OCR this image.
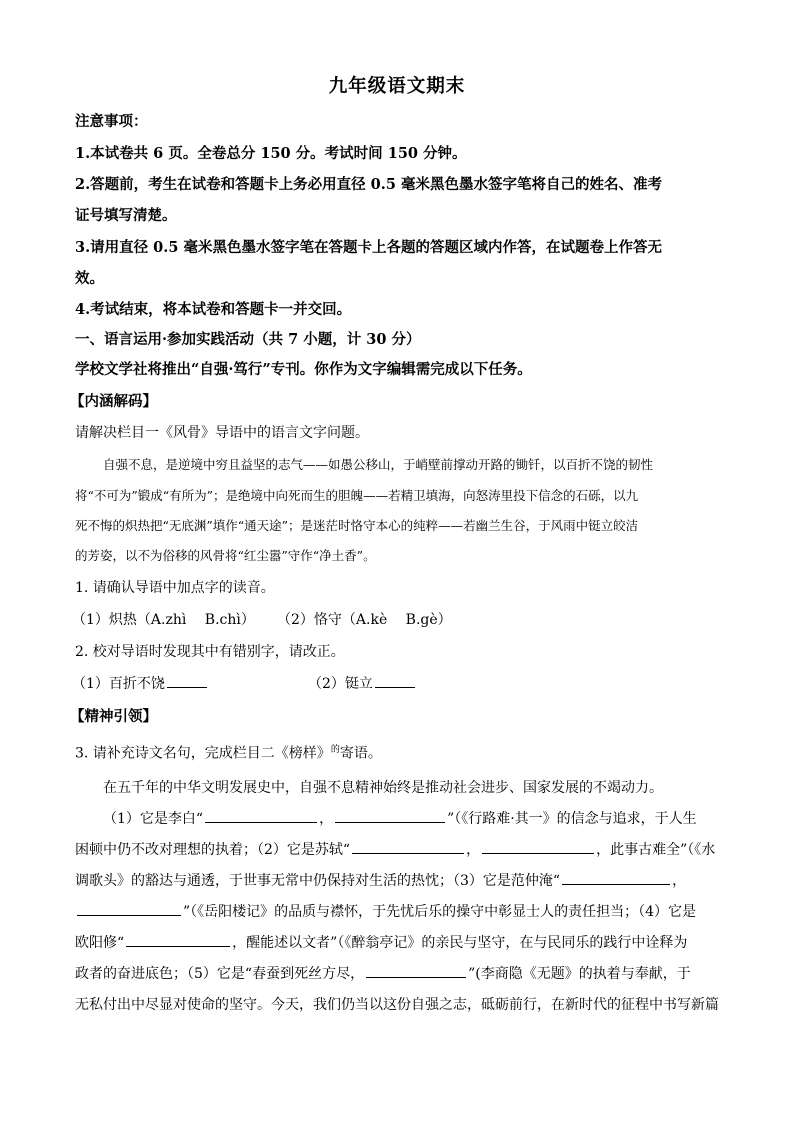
九年级语文期末
注意事项：
1.本试卷共 6 页。全卷总分 150 分。考试时间 150 分钟。
2.答题前，考生在试卷和答题卡上务必用直径 0.5 毫米黑色墨水签字笔将自己的姓名、准考
证号填写清楚。
3.请用直径 0.5 毫米黑色墨水签字笔在答题卡上各题的答题区域内作答，在试题卷上作答无
效。
4.考试结束，将本试卷和答题卡一并交回。
一、语言运用·参加实践活动（共 7 小题，计 30 分）
学校文学社将推出“自强·笃行”专刊。你作为文字编辑需完成以下任务。
【内涵解码】
请解决栏目一《风骨》导语中的语言文字问题。
自强不息，是逆境中穷且益坚的志气——如愚公移山，于峭壁前撑动开路的锄钎，以百折不饶的韧性
将“不可为”锻成“有所为”；是绝境中向死而生的胆魄——若精卫填海，向怒涛里投下信念的石砾，以九
死不悔的炽热把“无底渊”填作“通天途”；是迷茫时恪守本心的纯粹——若幽兰生谷，于风雨中铤立皎洁
的芳姿，以不为俗移的风骨将“红尘嚣”守作“净土香”。
1. 请确认导语中加点字的读音。
（1）炽热（A.zhì　 B.chì） （2）恪守（A.kè　 B.gè）
2. 校对导语时发现其中有错别字，请改正。
（1）百折不饶	（2）铤立
【精神引领】
3. 请补充诗文名句，完成栏目二《榜样》$^的$寄语。
在五千年的中华文明发展史中，自强不息精神始终是推动社会进步、国家发展的不竭动力。
（1）它是李白“	，	”（《行路难·其一》的信念与追求，于人生
困顿中仍不改对理想的执着；（2）它是苏轼“	，	，此事古难全”（《水
调歌头》的豁达与通透，于世事无常中仍保持对生活的热忱；（3）它是范仲淹“	，
”（《岳阳楼记》的品质与襟怀，于先忧后乐的操守中彰显士人的责任担当；（4）它是
欧阳修“	，醒能述以文者”（《醉翁亭记》的亲民与坚守，在与民同乐的践行中诠释为
政者的奋进底色；（5）它是“春蚕到死丝方尽，	”(李商隐《无题》的执着与奉献，于
无私付出中尽显对使命的坚守。今天，我们仍当以这份自强之志，砥砺前行，在新时代的征程中书写新篇
